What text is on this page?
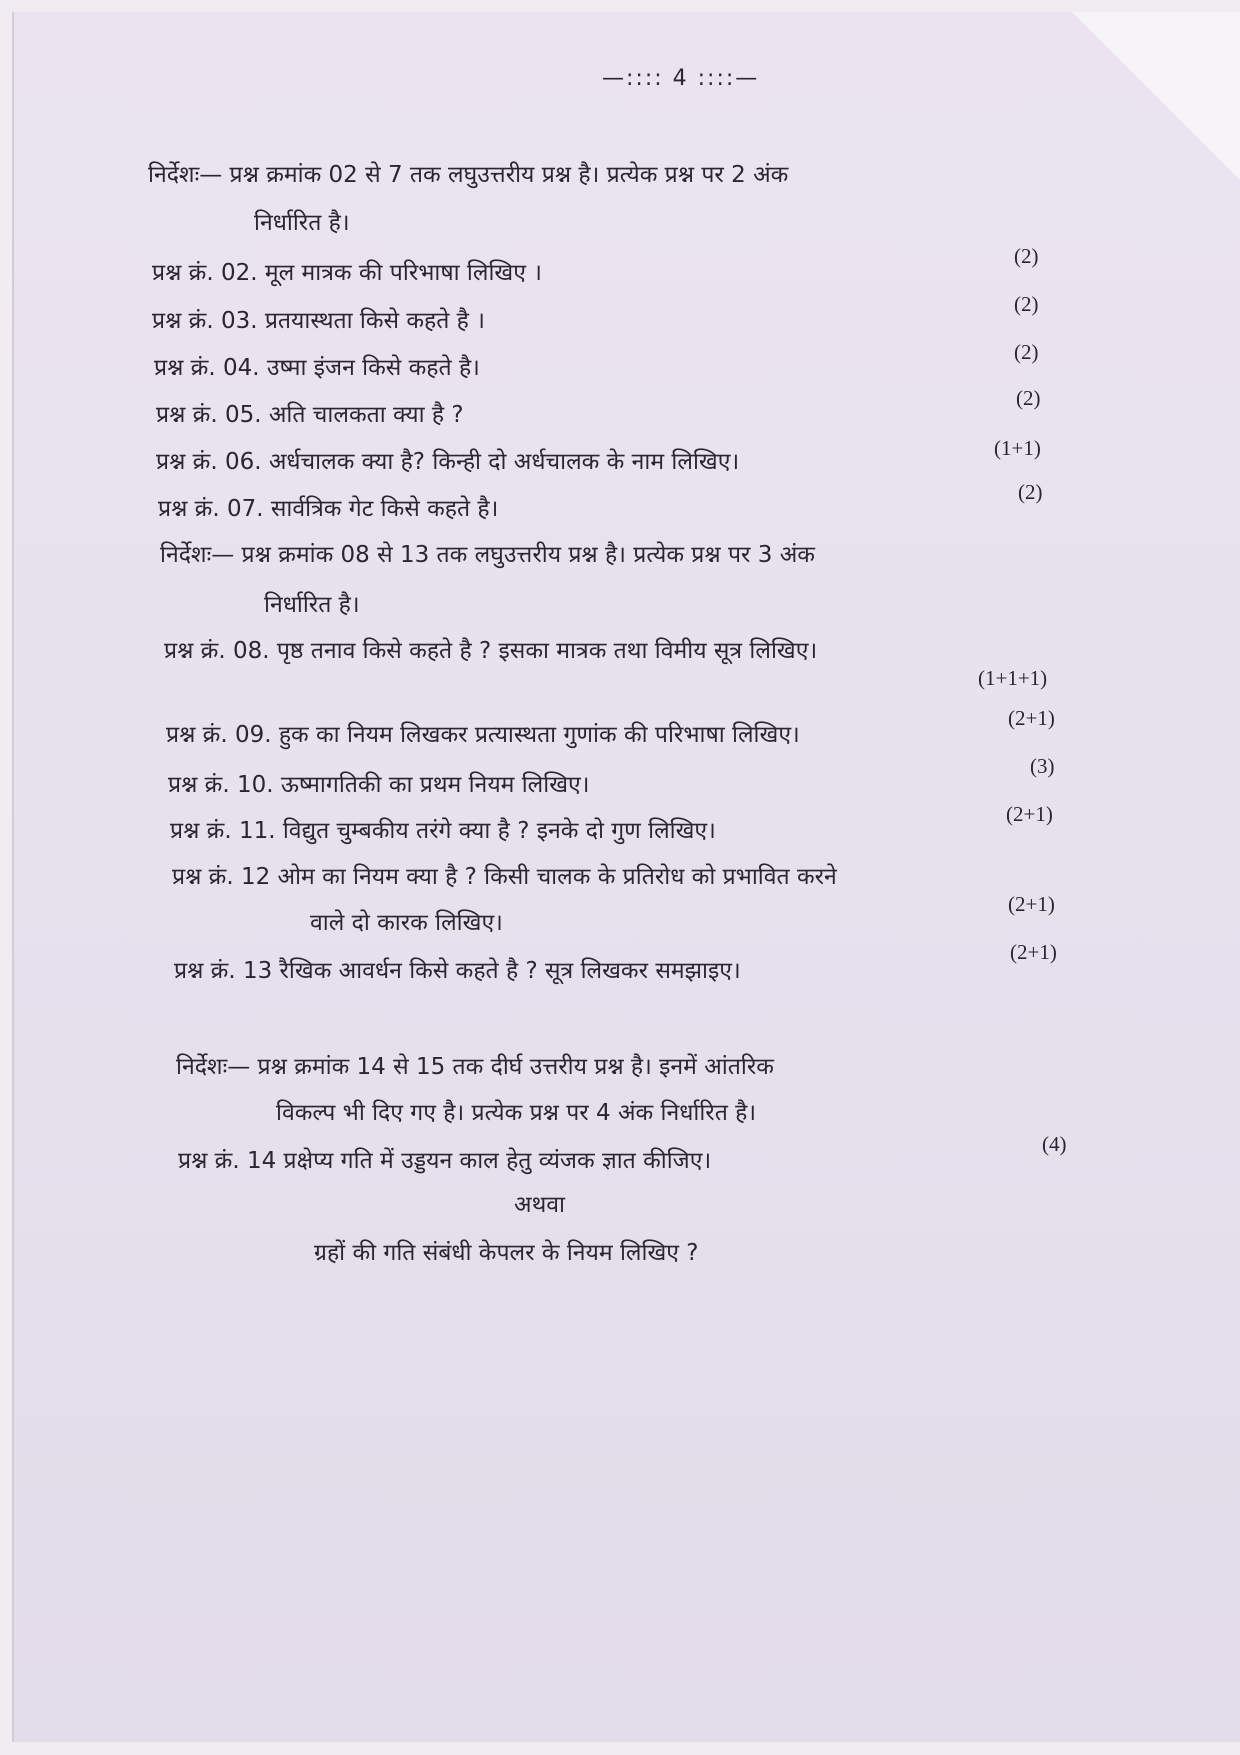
—:::: 4 ::::—
निर्देशः— प्रश्न क्रमांक 02 से 7 तक लघुउत्तरीय प्रश्न है। प्रत्येक प्रश्न पर 2 अंक
निर्धारित है।
प्रश्न क्रं. 02. मूल मात्रक की परिभाषा लिखिए ।
(2)
प्रश्न क्रं. 03. प्रतयास्थता किसे कहते है ।
(2)
प्रश्न क्रं. 04. उष्मा इंजन किसे कहते है।
(2)
प्रश्न क्रं. 05. अति चालकता क्या है ?
(2)
प्रश्न क्रं. 06. अर्धचालक क्या है? किन्ही दो अर्धचालक के नाम लिखिए।
(1+1)
प्रश्न क्रं. 07. सार्वत्रिक गेट किसे कहते है।
(2)
निर्देशः— प्रश्न क्रमांक 08 से 13 तक लघुउत्तरीय प्रश्न है। प्रत्येक प्रश्न पर 3 अंक
निर्धारित है।
प्रश्न क्रं. 08. पृष्ठ तनाव किसे कहते है ? इसका मात्रक तथा विमीय सूत्र लिखिए।
(1+1+1)
प्रश्न क्रं. 09. हुक का नियम लिखकर प्रत्यास्थता गुणांक की परिभाषा लिखिए।
(2+1)
प्रश्न क्रं. 10. ऊष्मागतिकी का प्रथम नियम लिखिए।
(3)
प्रश्न क्रं. 11. विद्युत चुम्बकीय तरंगे क्या है ? इनके दो गुण लिखिए।
(2+1)
प्रश्न क्रं. 12 ओम का नियम क्या है ? किसी चालक के प्रतिरोध को प्रभावित करने
वाले दो कारक लिखिए।
(2+1)
प्रश्न क्रं. 13 रैखिक आवर्धन किसे कहते है ? सूत्र लिखकर समझाइए।
(2+1)
निर्देशः— प्रश्न क्रमांक 14 से 15 तक दीर्घ उत्तरीय प्रश्न है। इनमें आंतरिक
विकल्प भी दिए गए है। प्रत्येक प्रश्न पर 4 अंक निर्धारित है।
प्रश्न क्रं. 14 प्रक्षेप्य गति में उड्डयन काल हेतु व्यंजक ज्ञात कीजिए।
(4)
अथवा
ग्रहों की गति संबंधी केपलर के नियम लिखिए ?
